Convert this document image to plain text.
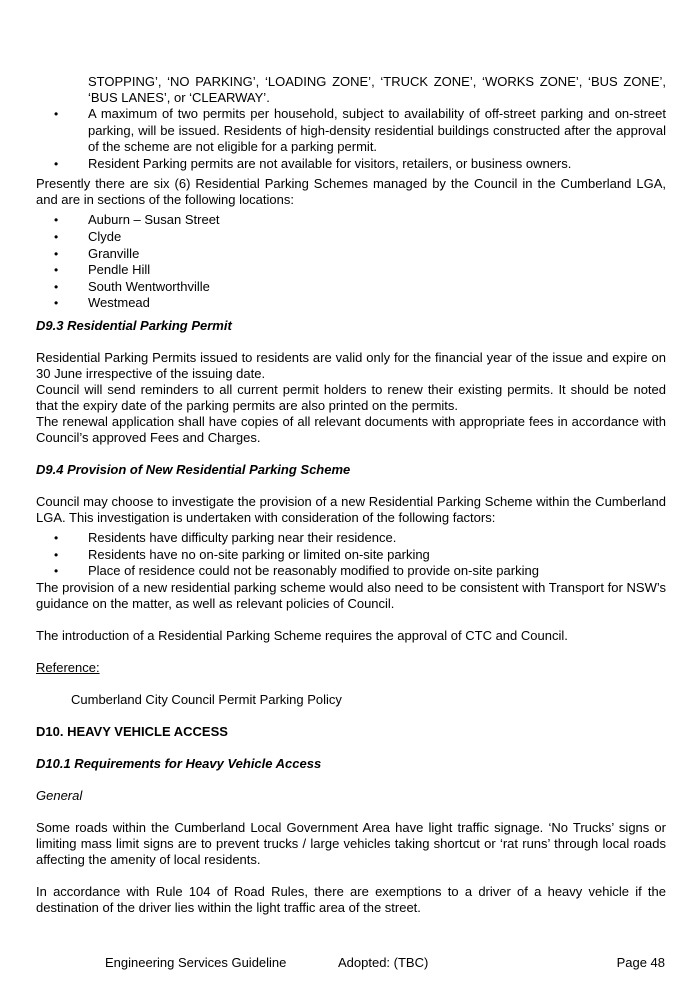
STOPPING’, ‘NO PARKING’, ‘LOADING ZONE’, ‘TRUCK ZONE’, ‘WORKS ZONE’, ‘BUS ZONE’, ‘BUS LANES’, or ‘CLEARWAY’.

• A maximum of two permits per household, subject to availability of off-street parking and on-street parking, will be issued. Residents of high-density residential buildings constructed after the approval of the scheme are not eligible for a parking permit.
• Resident Parking permits are not available for visitors, retailers, or business owners.

Presently there are six (6) Residential Parking Schemes managed by the Council in the Cumberland LGA, and are in sections of the following locations:

• Auburn – Susan Street
• Clyde
• Granville
• Pendle Hill
• South Wentworthville
• Westmead

D9.3 Residential Parking Permit

Residential Parking Permits issued to residents are valid only for the financial year of the issue and expire on 30 June irrespective of the issuing date.

Council will send reminders to all current permit holders to renew their existing permits. It should be noted that the expiry date of the parking permits are also printed on the permits.

The renewal application shall have copies of all relevant documents with appropriate fees in accordance with Council’s approved Fees and Charges.

D9.4 Provision of New Residential Parking Scheme

Council may choose to investigate the provision of a new Residential Parking Scheme within the Cumberland LGA. This investigation is undertaken with consideration of the following factors:

• Residents have difficulty parking near their residence.
• Residents have no on-site parking or limited on-site parking
• Place of residence could not be reasonably modified to provide on-site parking

The provision of a new residential parking scheme would also need to be consistent with Transport for NSW’s guidance on the matter, as well as relevant policies of Council.

The introduction of a Residential Parking Scheme requires the approval of CTC and Council.

Reference:

Cumberland City Council Permit Parking Policy

D10. HEAVY VEHICLE ACCESS

D10.1 Requirements for Heavy Vehicle Access

General

Some roads within the Cumberland Local Government Area have light traffic signage. ‘No Trucks’ signs or limiting mass limit signs are to prevent trucks / large vehicles taking shortcut or ‘rat runs’ through local roads affecting the amenity of local residents.

In accordance with Rule 104 of Road Rules, there are exemptions to a driver of a heavy vehicle if the destination of the driver lies within the light traffic area of the street.

Engineering Services Guideline	Adopted: (TBC)	Page 48
